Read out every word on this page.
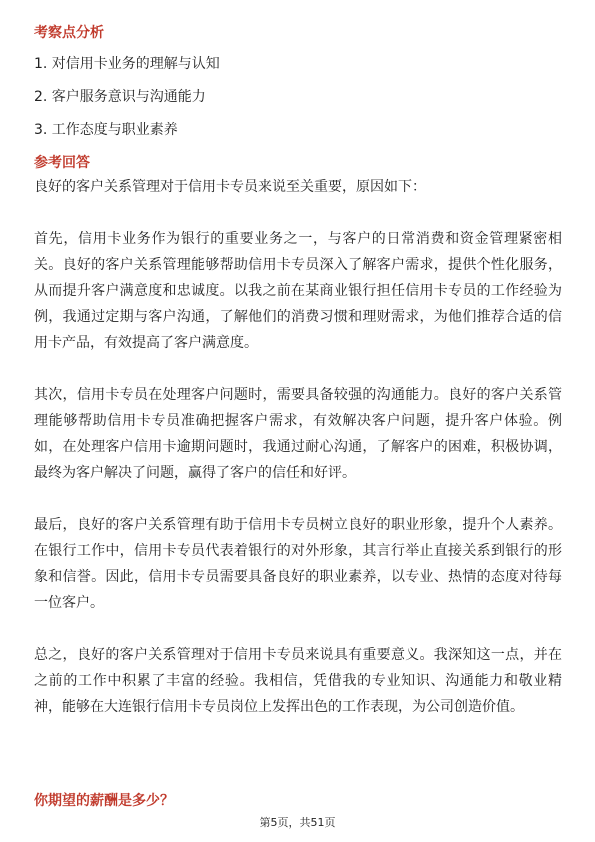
考察点分析

1. 对信用卡业务的理解与认知

2. 客户服务意识与沟通能力

3. 工作态度与职业素养

参考回答

良好的客户关系管理对于信用卡专员来说至关重要，原因如下：

首先，信用卡业务作为银行的重要业务之一，与客户的日常消费和资金管理紧密相关。良好的客户关系管理能够帮助信用卡专员深入了解客户需求，提供个性化服务，从而提升客户满意度和忠诚度。以我之前在某商业银行担任信用卡专员的工作经验为例，我通过定期与客户沟通，了解他们的消费习惯和理财需求，为他们推荐合适的信用卡产品，有效提高了客户满意度。

其次，信用卡专员在处理客户问题时，需要具备较强的沟通能力。良好的客户关系管理能够帮助信用卡专员准确把握客户需求，有效解决客户问题，提升客户体验。例如，在处理客户信用卡逾期问题时，我通过耐心沟通，了解客户的困难，积极协调，最终为客户解决了问题，赢得了客户的信任和好评。

最后，良好的客户关系管理有助于信用卡专员树立良好的职业形象，提升个人素养。在银行工作中，信用卡专员代表着银行的对外形象，其言行举止直接关系到银行的形象和信誉。因此，信用卡专员需要具备良好的职业素养，以专业、热情的态度对待每一位客户。

总之，良好的客户关系管理对于信用卡专员来说具有重要意义。我深知这一点，并在之前的工作中积累了丰富的经验。我相信，凭借我的专业知识、沟通能力和敬业精神，能够在大连银行信用卡专员岗位上发挥出色的工作表现，为公司创造价值。

你期望的薪酬是多少？
第5页，共51页
